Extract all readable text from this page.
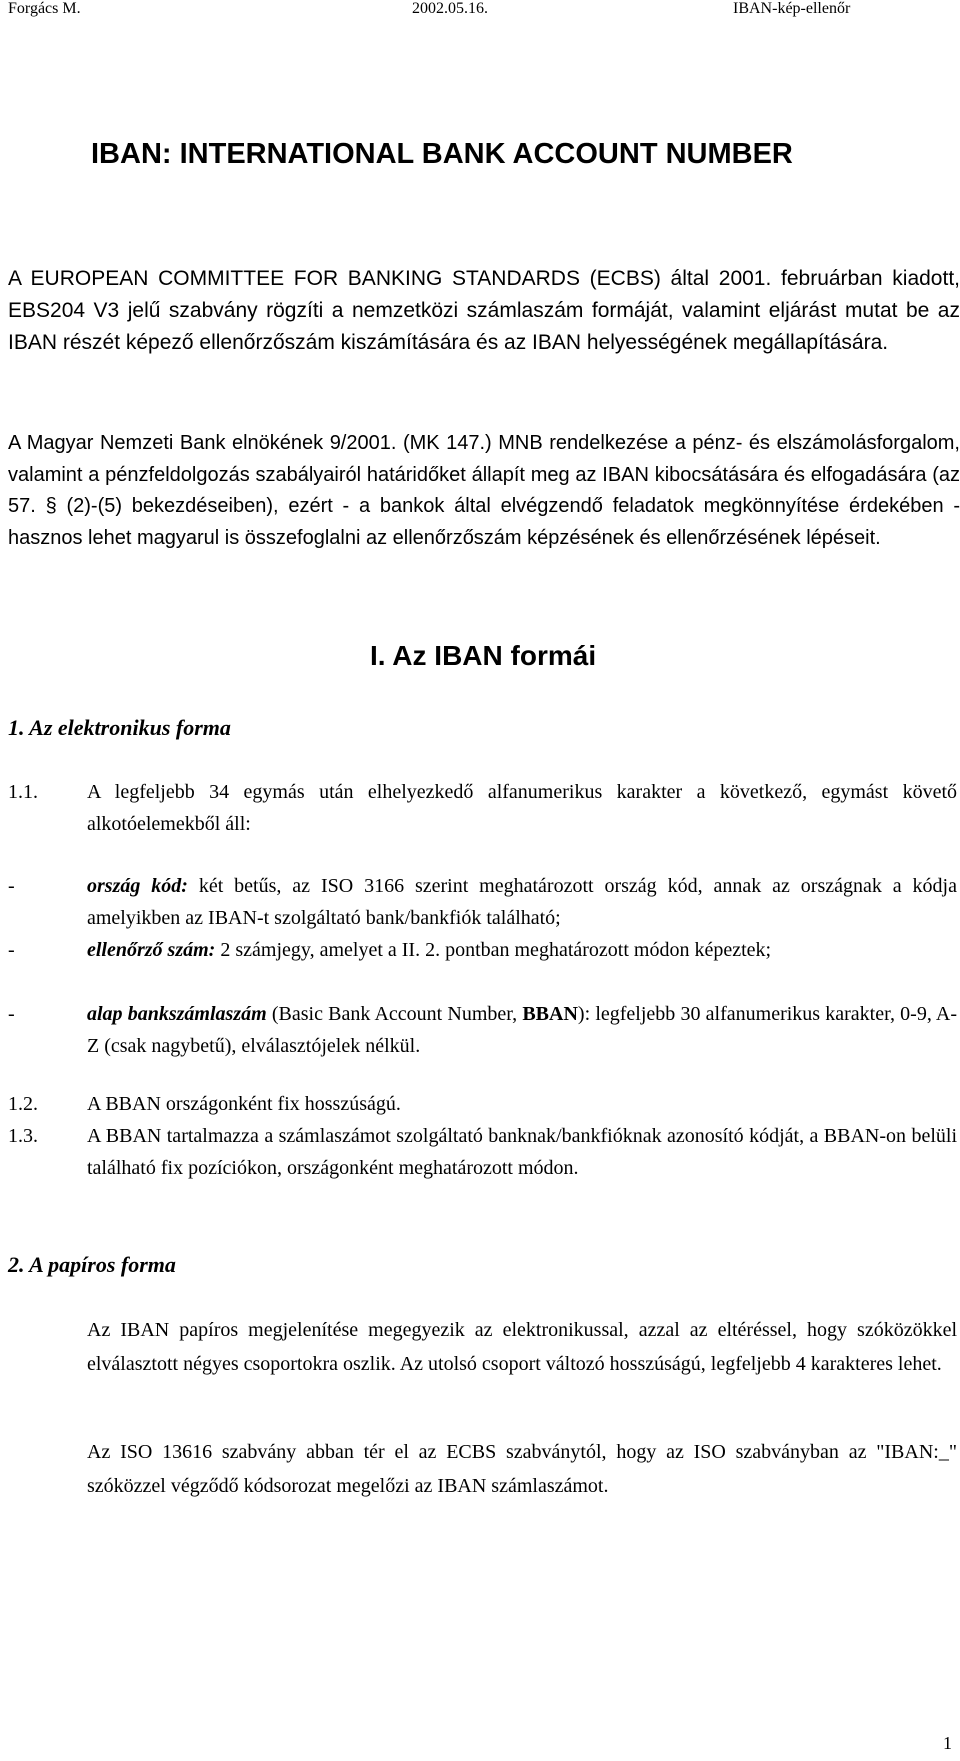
Forgács M.	2002.05.16.	IBAN-kép-ellenőr
IBAN: INTERNATIONAL BANK ACCOUNT NUMBER
A EUROPEAN COMMITTEE FOR BANKING STANDARDS (ECBS) által 2001. februárban kiadott, EBS204 V3 jelű szabvány rögzíti a nemzetközi számlaszám formáját, valamint eljárást mutat be az IBAN részét képező ellenőrzőszám kiszámítására és az IBAN helyességének megállapítására.
A Magyar Nemzeti Bank elnökének 9/2001. (MK 147.) MNB rendelkezése a pénz- és elszámolásforgalom, valamint a pénzfeldolgozás szabályairól határidőket állapít meg az IBAN kibocsátására és elfogadására (az 57. § (2)-(5) bekezdéseiben), ezért - a bankok által elvégzendő feladatok megkönnyítése érdekében - hasznos lehet magyarul is összefoglalni az ellenőrzőszám képzésének és ellenőrzésének lépéseit.
I. Az IBAN formái
1. Az elektronikus forma
1.1. A legfeljebb 34 egymás után elhelyezkedő alfanumerikus karakter a következő, egymást követő alkotóelemekből áll:
-	ország kód: két betűs, az ISO 3166 szerint meghatározott ország kód, annak az országnak a kódja amelyikben az IBAN-t szolgáltató bank/bankfiók található;
-	ellenőrző szám: 2 számjegy, amelyet a II. 2. pontban meghatározott módon képeztek;
-	alap bankszámlaszám (Basic Bank Account Number, BBAN): legfeljebb 30 alfanumerikus karakter, 0-9, A-Z (csak nagybetű), elválasztójelek nélkül.
1.2. A BBAN országonként fix hosszúságú.
1.3. A BBAN tartalmazza a számlaszámot szolgáltató banknak/bankfióknak azonosító kódját, a BBAN-on belüli található fix pozíciókon, országonként meghatározott módon.
2. A papíros forma
Az IBAN papíros megjelenítése megegyezik az elektronikussal, azzal az eltéréssel, hogy szóközökkel elválasztott négyes csoportokra oszlik. Az utolsó csoport változó hosszúságú, legfeljebb 4 karakteres lehet.
Az ISO 13616 szabvány abban tér el az ECBS szabványtól, hogy az ISO szabványban az "IBAN:_" szóközzel végződő kódsorozat megelőzi az IBAN számlaszámot.
1
